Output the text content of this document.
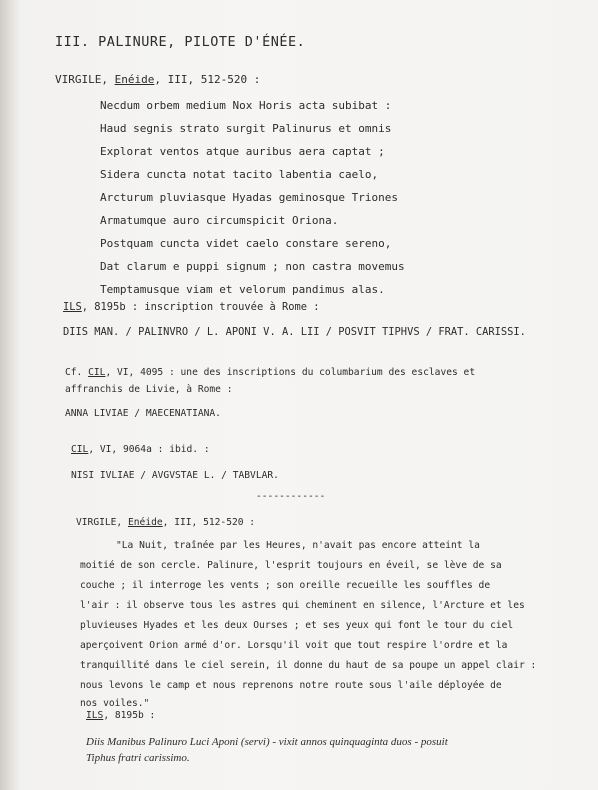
III. PALINURE, PILOTE D'ÉNÉE.
VIRGILE, Enéide, III, 512-520 :
Necdum orbem medium Nox Horis acta subibat :
Haud segnis strato surgit Palinurus et omnis
Explorat ventos atque auribus aera captat ;
Sidera cuncta notat tacito labentia caelo,
Arcturum pluviasque Hyadas geminosque Triones
Armatumque auro circumspicit Oriona.
Postquam cuncta videt caelo constare sereno,
Dat clarum e puppi signum ; non castra movemus
Temptamusque viam et velorum pandimus alas.
ILS, 8195b : inscription trouvée à Rome :
DIIS MAN. / PALINVRO / L. APONI V. A. LII / POSVIT TIPHVS / FRAT. CARISSI.
Cf. CIL, VI, 4095 : une des inscriptions du columbarium des esclaves et
affranchis de Livie, à Rome :
ANNA LIVIAE / MAECENATIANA.
CIL, VI, 9064a : ibid. :
NISI IVLIAE / AVGVSTAE L. / TABVLAR.
------------
VIRGILE, Enéide, III, 512-520 :
"La Nuit, traînée par les Heures, n'avait pas encore atteint la
moitié de son cercle. Palinure, l'esprit toujours en éveil, se lève de sa
couche ; il interroge les vents ; son oreille recueille les souffles de
l'air : il observe tous les astres qui cheminent en silence, l'Arcture et les
pluvieuses Hyades et les deux Ourses ; et ses yeux qui font le tour du ciel
aperçoivent Orion armé d'or. Lorsqu'il voit que tout respire l'ordre et la
tranquillité dans le ciel serein, il donne du haut de sa poupe un appel clair :
nous levons le camp et nous reprenons notre route sous l'aile déployée de
nos voiles."
ILS, 8195b :
Diis Manibus Palinuro Luci Aponi (servi) - vixit annos quinquaginta duos - posuit
Tiphus fratri carissimo.
